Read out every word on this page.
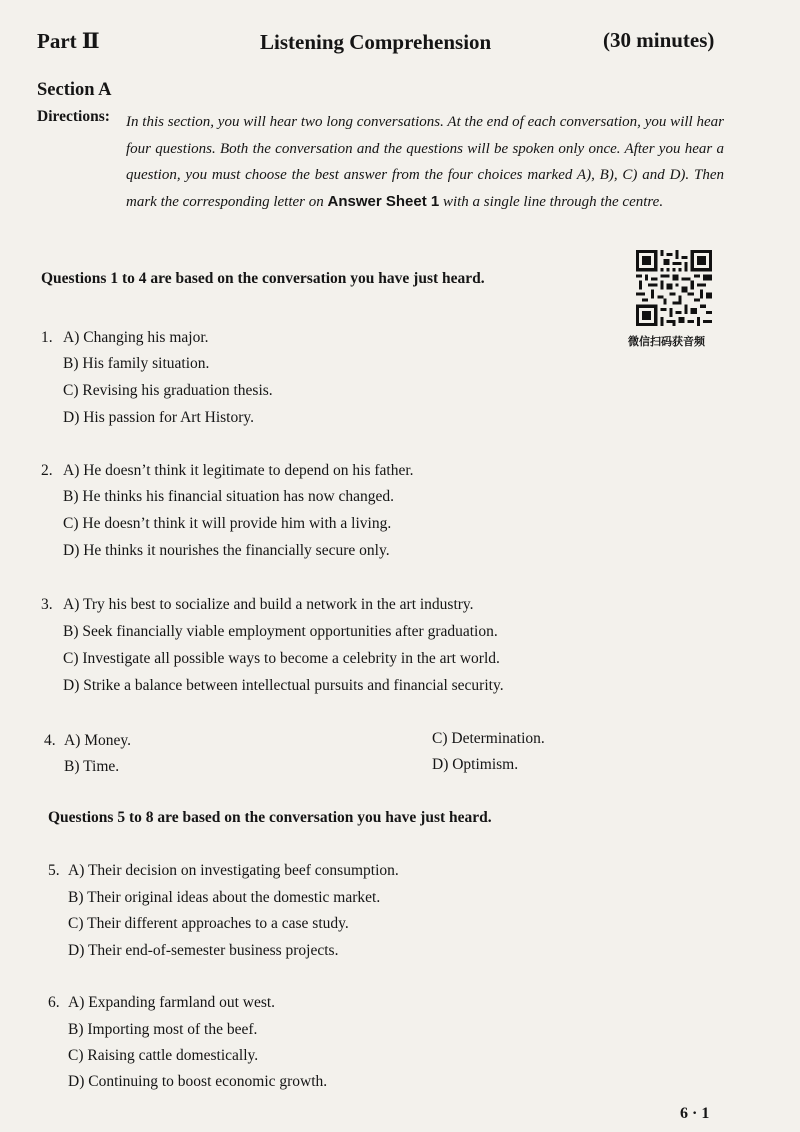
Part Ⅱ	Listening Comprehension	(30 minutes)
Section A
Directions: In this section, you will hear two long conversations. At the end of each conversation, you will hear four questions. Both the conversation and the questions will be spoken only once. After you hear a question, you must choose the best answer from the four choices marked A), B), C) and D). Then mark the corresponding letter on Answer Sheet 1 with a single line through the centre.
Questions 1 to 4 are based on the conversation you have just heard.
微信扫码获音频
1. A) Changing his major.
B) His family situation.
C) Revising his graduation thesis.
D) His passion for Art History.
2. A) He doesn’t think it legitimate to depend on his father.
B) He thinks his financial situation has now changed.
C) He doesn’t think it will provide him with a living.
D) He thinks it nourishes the financially secure only.
3. A) Try his best to socialize and build a network in the art industry.
B) Seek financially viable employment opportunities after graduation.
C) Investigate all possible ways to become a celebrity in the art world.
D) Strike a balance between intellectual pursuits and financial security.
4. A) Money.
B) Time.
C) Determination.
D) Optimism.
Questions 5 to 8 are based on the conversation you have just heard.
5. A) Their decision on investigating beef consumption.
B) Their original ideas about the domestic market.
C) Their different approaches to a case study.
D) Their end-of-semester business projects.
6. A) Expanding farmland out west.
B) Importing most of the beef.
C) Raising cattle domestically.
D) Continuing to boost economic growth.
6 · 1
